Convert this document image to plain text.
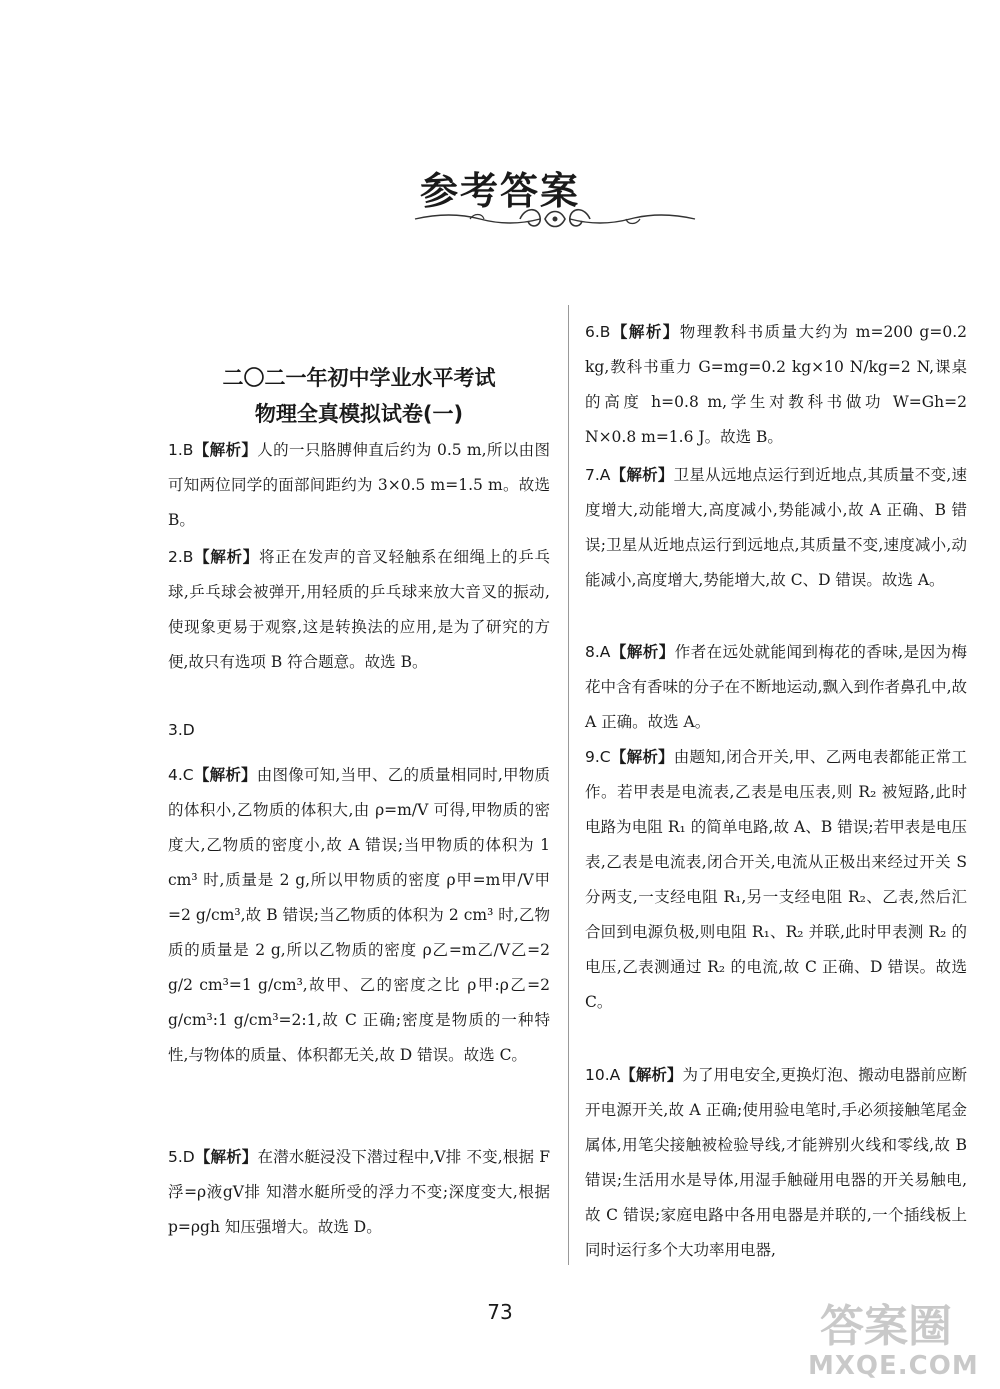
参考答案
二〇二一年初中学业水平考试
物理全真模拟试卷(一)

1.B【解析】人的一只胳膊伸直后约为 0.5 m,所以由图可知两位同学的面部间距约为 3×0.5 m=1.5 m。故选 B。

2.B【解析】将正在发声的音叉轻触系在细绳上的乒乓球,乒乓球会被弹开,用轻质的乒乓球来放大音叉的振动,使现象更易于观察,这是转换法的应用,是为了研究的方便,故只有选项 B 符合题意。故选 B。

3.D

4.C【解析】由图像可知,当甲、乙的质量相同时,甲物质的体积小,乙物质的体积大,由 ρ=m/V 可得,甲物质的密度大,乙物质的密度小,故 A 错误;当甲物质的体积为 1 cm³ 时,质量是 2 g,所以甲物质的密度 ρ甲=m甲/V甲=2 g/cm³,故 B 错误;当乙物质的体积为 2 cm³ 时,乙物质的质量是 2 g,所以乙物质的密度 ρ乙=m乙/V乙=2 g/2 cm³=1 g/cm³,故甲、乙的密度之比 ρ甲:ρ乙=2 g/cm³:1 g/cm³=2:1,故 C 正确;密度是物质的一种特性,与物体的质量、体积都无关,故 D 错误。故选 C。

5.D【解析】在潜水艇浸没下潜过程中,V排 不变,根据 F浮=ρ液gV排 知潜水艇所受的浮力不变;深度变大,根据 p=ρgh 知压强增大。故选 D。

6.B【解析】物理教科书质量大约为 m=200 g=0.2 kg,教科书重力 G=mg=0.2 kg×10 N/kg=2 N,课桌的高度 h=0.8 m,学生对教科书做功 W=Gh=2 N×0.8 m=1.6 J。故选 B。

7.A【解析】卫星从远地点运行到近地点,其质量不变,速度增大,动能增大,高度减小,势能减小,故 A 正确、B 错误;卫星从近地点运行到远地点,其质量不变,速度减小,动能减小,高度增大,势能增大,故 C、D 错误。故选 A。

8.A【解析】作者在远处就能闻到梅花的香味,是因为梅花中含有香味的分子在不断地运动,飘入到作者鼻孔中,故 A 正确。故选 A。

9.C【解析】由题知,闭合开关,甲、乙两电表都能正常工作。若甲表是电流表,乙表是电压表,则 R₂ 被短路,此时电路为电阻 R₁ 的简单电路,故 A、B 错误;若甲表是电压表,乙表是电流表,闭合开关,电流从正极出来经过开关 S 分两支,一支经电阻 R₁,另一支经电阻 R₂、乙表,然后汇合回到电源负极,则电阻 R₁、R₂ 并联,此时甲表测 R₂ 的电压,乙表测通过 R₂ 的电流,故 C 正确、D 错误。故选 C。

10.A【解析】为了用电安全,更换灯泡、搬动电器前应断开电源开关,故 A 正确;使用验电笔时,手必须接触笔尾金属体,用笔尖接触被检验导线,才能辨别火线和零线,故 B 错误;生活用水是导体,用湿手触碰用电器的开关易触电,故 C 错误;家庭电路中各用电器是并联的,一个插线板上同时运行多个大功率用电器,

73	答案圈
MXQE.COM
